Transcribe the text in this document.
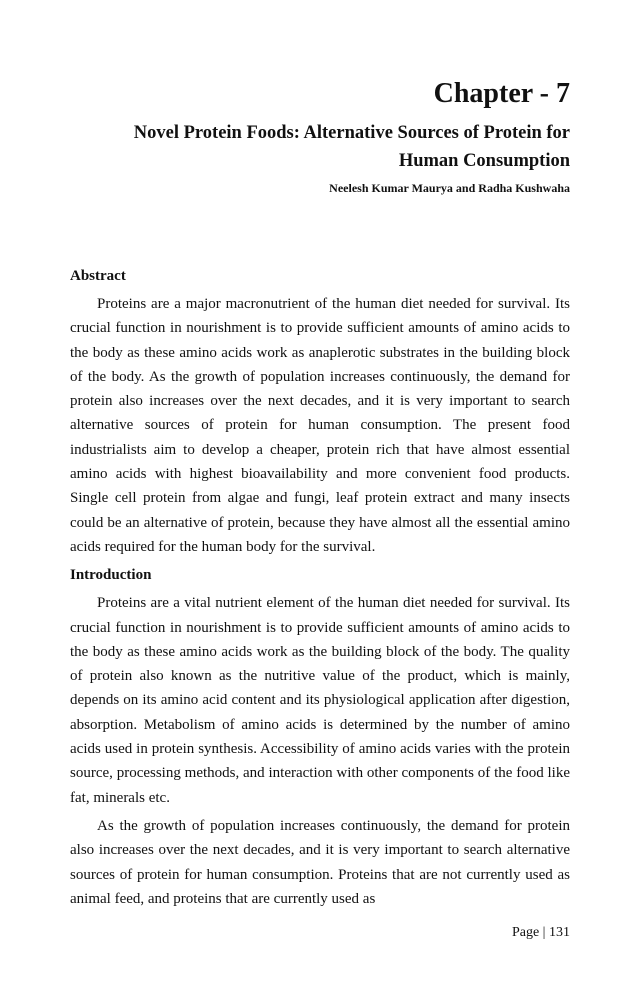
Chapter - 7
Novel Protein Foods: Alternative Sources of Protein for Human Consumption

Neelesh Kumar Maurya and Radha Kushwaha

Abstract

Proteins are a major macronutrient of the human diet needed for survival. Its crucial function in nourishment is to provide sufficient amounts of amino acids to the body as these amino acids work as anaplerotic substrates in the building block of the body. As the growth of population increases continuously, the demand for protein also increases over the next decades, and it is very important to search alternative sources of protein for human consumption. The present food industrialists aim to develop a cheaper, protein rich that have almost essential amino acids with highest bioavailability and more convenient food products. Single cell protein from algae and fungi, leaf protein extract and many insects could be an alternative of protein, because they have almost all the essential amino acids required for the human body for the survival.

Introduction

Proteins are a vital nutrient element of the human diet needed for survival. Its crucial function in nourishment is to provide sufficient amounts of amino acids to the body as these amino acids work as the building block of the body. The quality of protein also known as the nutritive value of the product, which is mainly, depends on its amino acid content and its physiological application after digestion, absorption. Metabolism of amino acids is determined by the number of amino acids used in protein synthesis. Accessibility of amino acids varies with the protein source, processing methods, and interaction with other components of the food like fat, minerals etc.

As the growth of population increases continuously, the demand for protein also increases over the next decades, and it is very important to search alternative sources of protein for human consumption. Proteins that are not currently used as animal feed, and proteins that are currently used as

Page | 131
